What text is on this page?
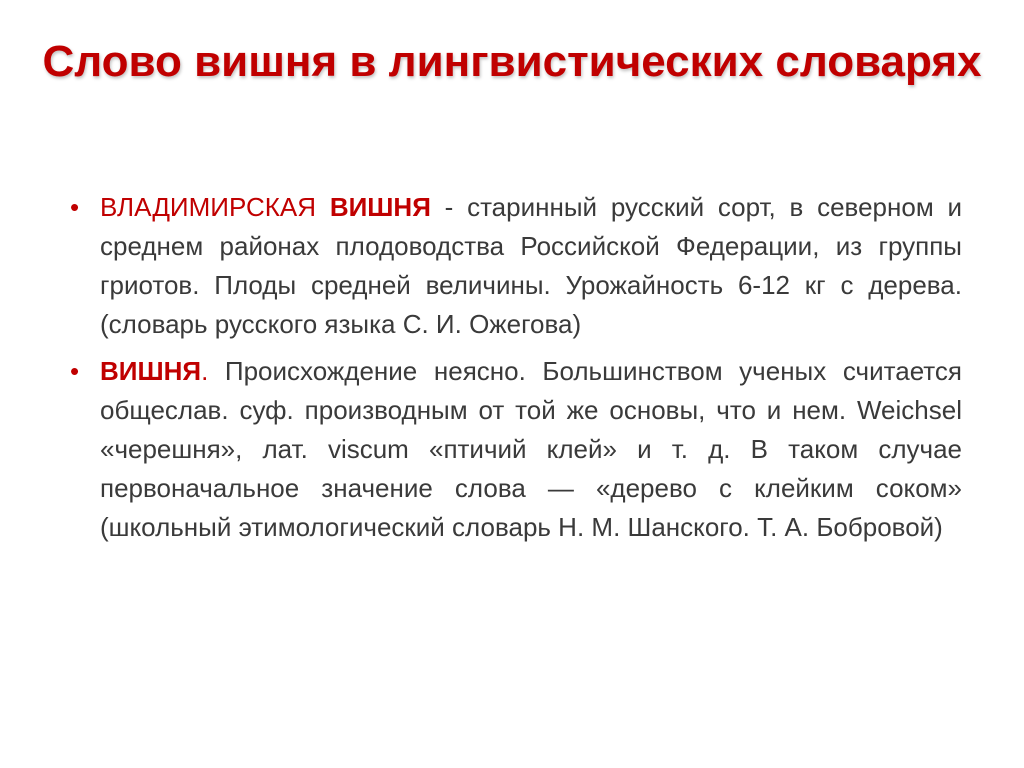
Слово вишня в лингвистических словарях
• ВЛАДИМИРСКАЯ ВИШНЯ - старинный русский сорт, в северном и среднем районах плодоводства Российской Федерации, из группы гриотов. Плоды средней величины. Урожайность 6-12 кг с дерева. (словарь русского языка С. И. Ожегова)
• ВИШНЯ. Происхождение неясно. Большинством ученых считается общеслав. суф. производным от той же основы, что и нем. Weichsel «черешня», лат. viscum «птичий клей» и т. д. В таком случае первоначальное значение слова — «дерево с клейким соком» (школьный этимологический словарь Н. М. Шанского. Т. А. Бобровой)
